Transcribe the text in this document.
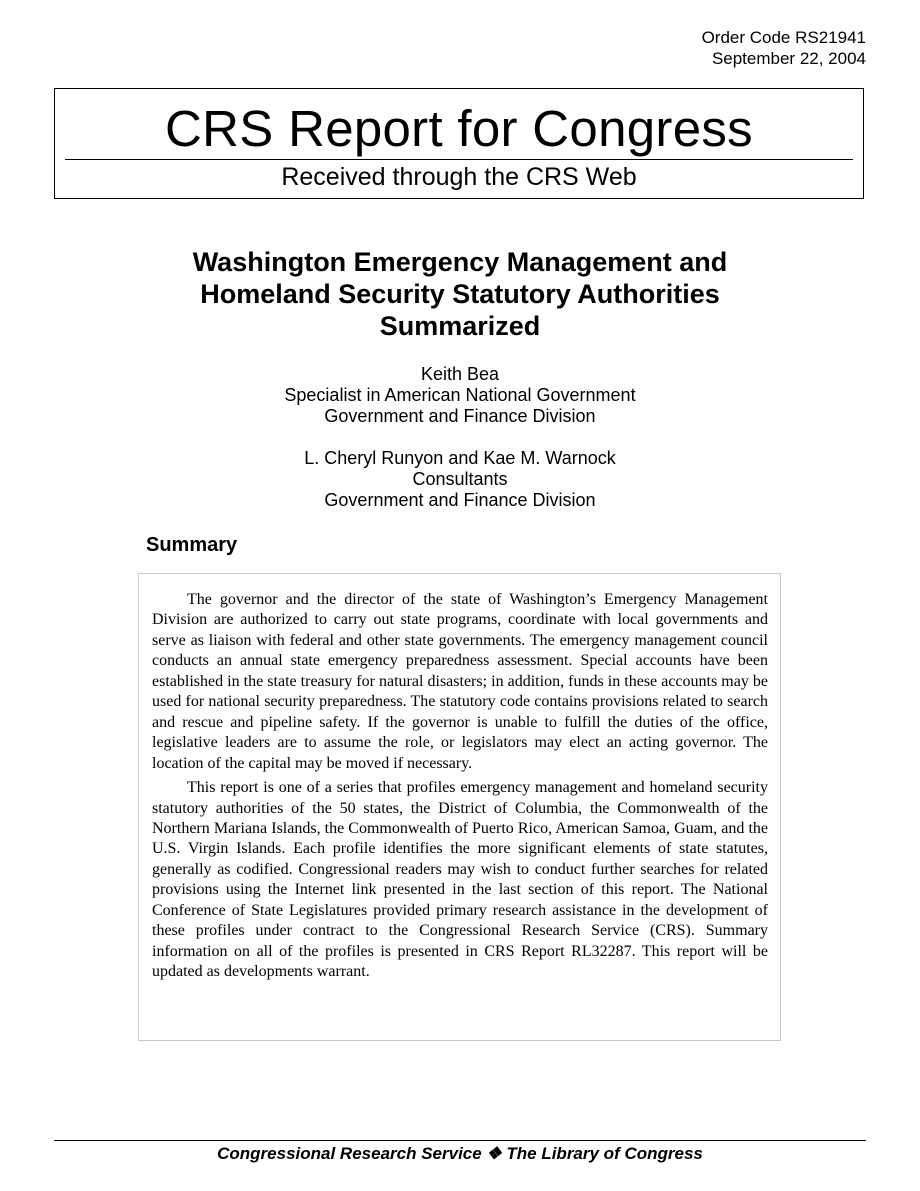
Order Code RS21941
September 22, 2004
CRS Report for Congress
Received through the CRS Web
Washington Emergency Management and
Homeland Security Statutory Authorities
Summarized
Keith Bea
Specialist in American National Government
Government and Finance Division
L. Cheryl Runyon and Kae M. Warnock
Consultants
Government and Finance Division
Summary

The governor and the director of the state of Washington’s Emergency Management Division are authorized to carry out state programs, coordinate with local governments and serve as liaison with federal and other state governments. The emergency management council conducts an annual state emergency preparedness assessment. Special accounts have been established in the state treasury for natural disasters; in addition, funds in these accounts may be used for national security preparedness. The statutory code contains provisions related to search and rescue and pipeline safety. If the governor is unable to fulfill the duties of the office, legislative leaders are to assume the role, or legislators may elect an acting governor. The location of the capital may be moved if necessary.

This report is one of a series that profiles emergency management and homeland security statutory authorities of the 50 states, the District of Columbia, the Commonwealth of the Northern Mariana Islands, the Commonwealth of Puerto Rico, American Samoa, Guam, and the U.S. Virgin Islands. Each profile identifies the more significant elements of state statutes, generally as codified. Congressional readers may wish to conduct further searches for related provisions using the Internet link presented in the last section of this report. The National Conference of State Legislatures provided primary research assistance in the development of these profiles under contract to the Congressional Research Service (CRS). Summary information on all of the profiles is presented in CRS Report RL32287. This report will be updated as developments warrant.

Congressional Research Service ❖ The Library of Congress
